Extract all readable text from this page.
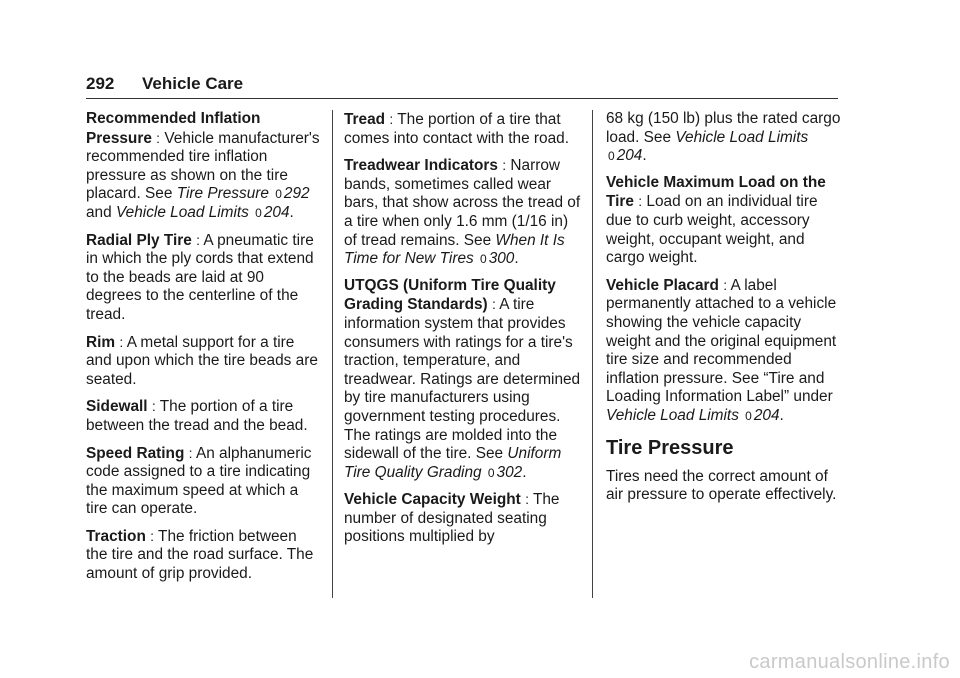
292 Vehicle Care

Recommended Inflation Pressure : Vehicle manufacturer's recommended tire inflation pressure as shown on the tire placard. See Tire Pressure 0 292 and Vehicle Load Limits 0 204.

Radial Ply Tire : A pneumatic tire in which the ply cords that extend to the beads are laid at 90 degrees to the centerline of the tread.

Rim : A metal support for a tire and upon which the tire beads are seated.

Sidewall : The portion of a tire between the tread and the bead.

Speed Rating : An alphanumeric code assigned to a tire indicating the maximum speed at which a tire can operate.

Traction : The friction between the tire and the road surface. The amount of grip provided.

Tread : The portion of a tire that comes into contact with the road.

Treadwear Indicators : Narrow bands, sometimes called wear bars, that show across the tread of a tire when only 1.6 mm (1/16 in) of tread remains. See When It Is Time for New Tires 0 300.

UTQGS (Uniform Tire Quality Grading Standards) : A tire information system that provides consumers with ratings for a tire's traction, temperature, and treadwear. Ratings are determined by tire manufacturers using government testing procedures. The ratings are molded into the sidewall of the tire. See Uniform Tire Quality Grading 0 302.

Vehicle Capacity Weight : The number of designated seating positions multiplied by

68 kg (150 lb) plus the rated cargo load. See Vehicle Load Limits 0 204.

Vehicle Maximum Load on the Tire : Load on an individual tire due to curb weight, accessory weight, occupant weight, and cargo weight.

Vehicle Placard : A label permanently attached to a vehicle showing the vehicle capacity weight and the original equipment tire size and recommended inflation pressure. See “Tire and Loading Information Label” under Vehicle Load Limits 0 204.

Tire Pressure

Tires need the correct amount of air pressure to operate effectively.

carmanualsonline.info
